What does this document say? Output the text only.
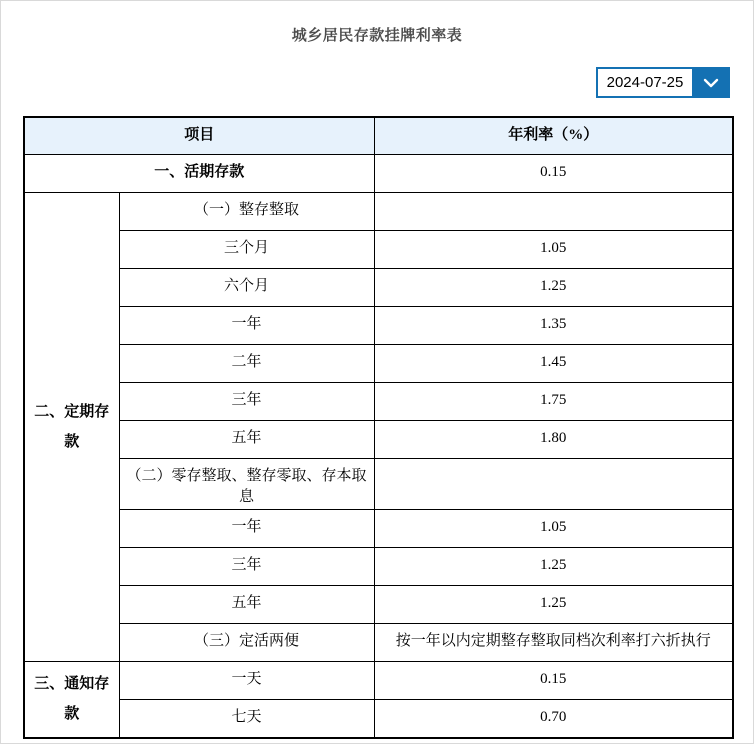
城乡居民存款挂牌利率表
2024-07-25
项目		年利率（%）
一、活期存款		0.15
二、定期存款	（一）整存整取	
	三个月	1.05
	六个月	1.25
	一年	1.35
	二年	1.45
	三年	1.75
	五年	1.80
	（二）零存整取、整存零取、存本取息	
	一年	1.05
	三年	1.25
	五年	1.25
	（三）定活两便	按一年以内定期整存整取同档次利率打六折执行
三、通知存款	一天	0.15
	七天	0.70
